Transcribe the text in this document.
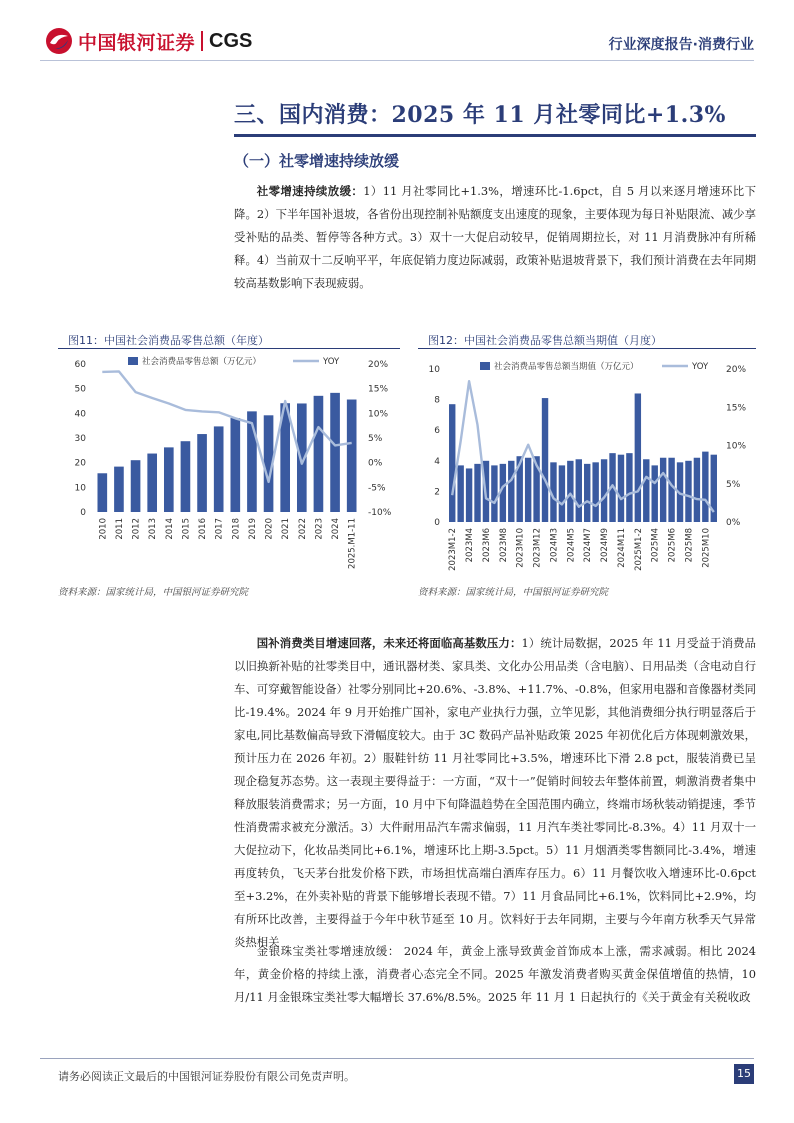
中国银河证券 CGS	行业深度报告·消费行业
三、国内消费：2025 年 11 月社零同比+1.3%
（一）社零增速持续放缓
社零增速持续放缓：1）11 月社零同比+1.3%，增速环比-1.6pct，自 5 月以来逐月增速环比下降。2）下半年国补退坡，各省份出现控制补贴额度支出速度的现象，主要体现为每日补贴限流、减少享受补贴的品类、暂停等各种方式。3）双十一大促启动较早，促销周期拉长，对 11 月消费脉冲有所稀释。4）当前双十二反响平平，年底促销力度边际减弱，政策补贴退坡背景下，我们预计消费在去年同期较高基数影响下表现疲弱。
图11：中国社会消费品零售总额（年度）
0
10
20
30
40
50
60
-10%
-5%
0%
5%
10%
15%
20%
2010 2011 2012 2013 2014 2015 2016 2017 2018 2019 2020 2021 2022 2023 2024 2025.M1-11
社会消费品零售总额（万亿元）	YOY
资料来源：国家统计局，中国银河证券研究院
图12：中国社会消费品零售总额当期值（月度）
0
2
4
6
8
10
0%
5%
10%
15%
20%
2023M1-2 2023M4 2023M6 2023M8 2023M10 2023M12 2024M3 2024M5 2024M7 2024M9 2024M11 2025M1-2 2025M4 2025M6 2025M8 2025M10
社会消费品零售总额当期值（万亿元）	YOY
资料来源：国家统计局，中国银河证券研究院
国补消费类目增速回落，未来还将面临高基数压力：1）统计局数据，2025 年 11 月受益于消费品以旧换新补贴的社零类目中，通讯器材类、家具类、文化办公用品类（含电脑）、日用品类（含电动自行车、可穿戴智能设备）社零分别同比+20.6%、-3.8%、+11.7%、-0.8%，但家用电器和音像器材类同比-19.4%。2024 年 9 月开始推广国补，家电产业执行力强，立竿见影，其他消费细分执行明显落后于家电,同比基数偏高导致下滑幅度较大。由于 3C 数码产品补贴政策 2025 年初优化后方体现刺激效果，预计压力在 2026 年初。2）服鞋针纺 11 月社零同比+3.5%，增速环比下滑 2.8 pct，服装消费已呈现企稳复苏态势。这一表现主要得益于：一方面，“双十一”促销时间较去年整体前置，刺激消费者集中释放服装消费需求；另一方面，10 月中下旬降温趋势在全国范围内确立，终端市场秋装动销提速，季节性消费需求被充分激活。3）大件耐用品汽车需求偏弱，11 月汽车类社零同比-8.3%。4）11 月双十一大促拉动下，化妆品类同比+6.1%，增速环比上期-3.5pct。5）11 月烟酒类零售额同比-3.4%，增速再度转负，飞天茅台批发价格下跌，市场担忧高端白酒库存压力。6）11 月餐饮收入增速环比-0.6pct 至+3.2%，在外卖补贴的背景下能够增长表现不错。7）11 月食品同比+6.1%，饮料同比+2.9%，均有所环比改善，主要得益于今年中秋节延至 10 月。饮料好于去年同期，主要与今年南方秋季天气异常炎热相关
金银珠宝类社零增速放缓： 2024 年，黄金上涨导致黄金首饰成本上涨，需求减弱。相比 2024 年，黄金价格的持续上涨，消费者心态完全不同。2025 年激发消费者购买黄金保值增值的热情，10 月/11 月金银珠宝类社零大幅增长 37.6%/8.5%。2025 年 11 月 1 日起执行的《关于黄金有关税收政
请务必阅读正文最后的中国银河证券股份有限公司免责声明。	15
